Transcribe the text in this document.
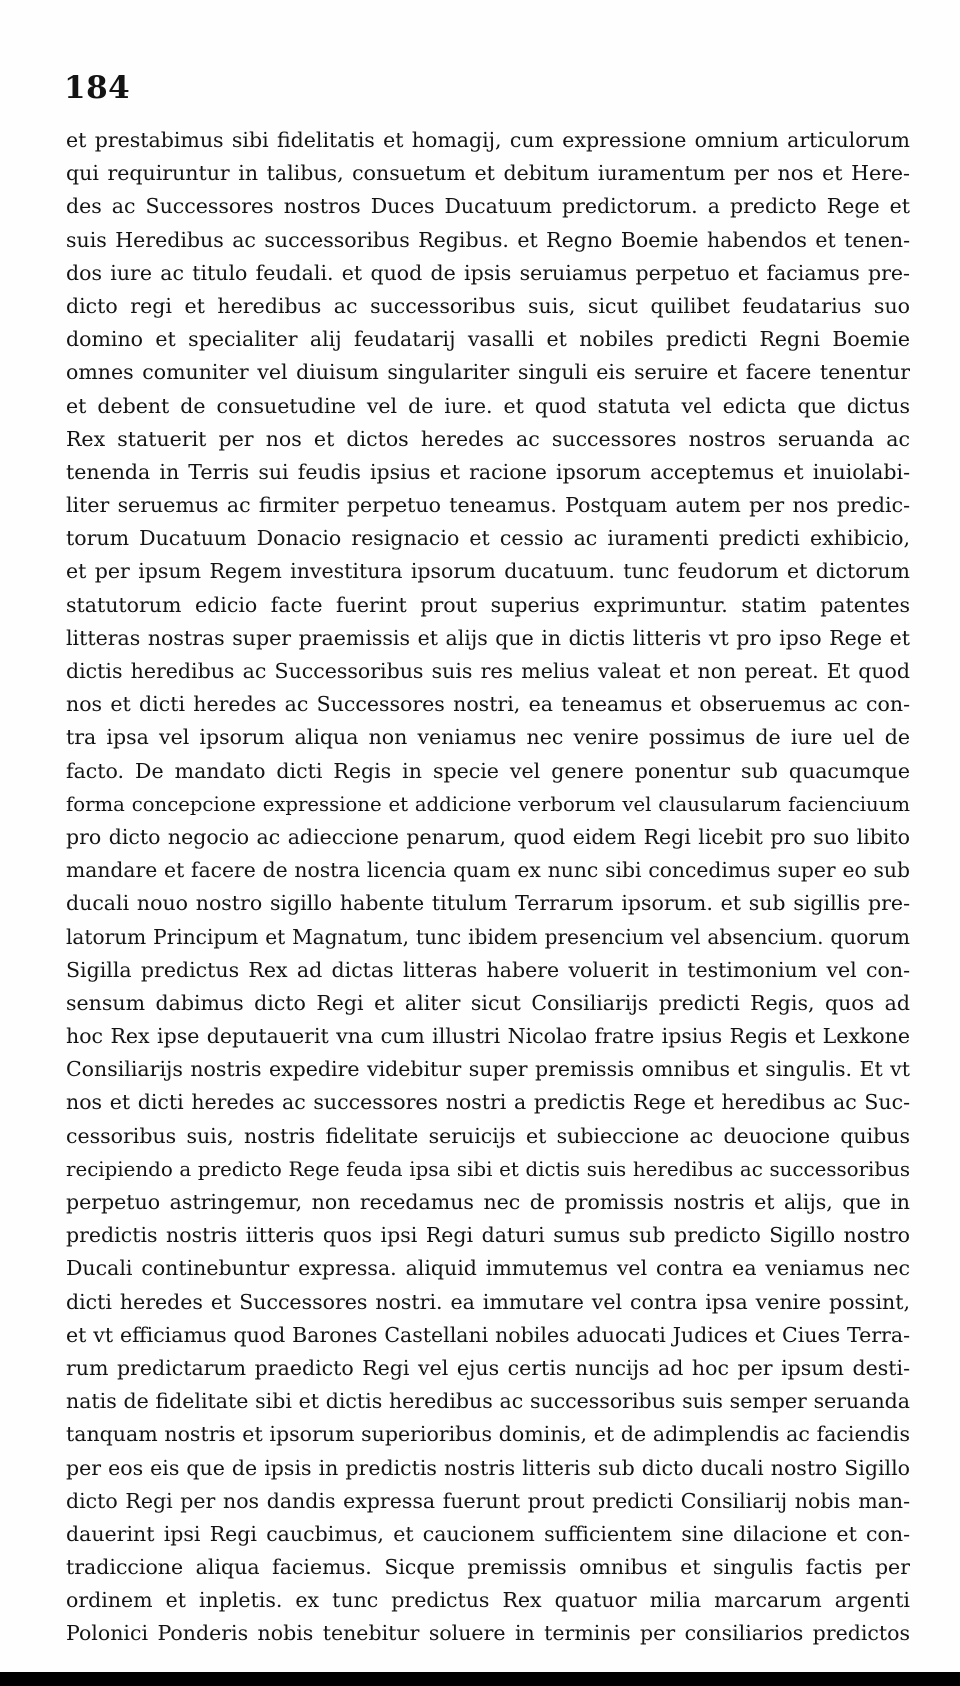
184
et prestabimus sibi fidelitatis et homagij, cum expressione omnium articulorum
qui requiruntur in talibus, consuetum et debitum iuramentum per nos et Here-
des ac Successores nostros Duces Ducatuum predictorum. a predicto Rege et
suis Heredibus ac successoribus Regibus. et Regno Boemie habendos et tenen-
dos iure ac titulo feudali. et quod de ipsis seruiamus perpetuo et faciamus pre-
dicto regi et heredibus ac successoribus suis, sicut quilibet feudatarius suo
domino et specialiter alij feudatarij vasalli et nobiles predicti Regni Boemie
omnes comuniter vel diuisum singulariter singuli eis seruire et facere tenentur
et debent de consuetudine vel de iure. et quod statuta vel edicta que dictus
Rex statuerit per nos et dictos heredes ac successores nostros seruanda ac
tenenda in Terris sui feudis ipsius et racione ipsorum acceptemus et inuiolabi-
liter seruemus ac firmiter perpetuo teneamus. Postquam autem per nos predic-
torum Ducatuum Donacio resignacio et cessio ac iuramenti predicti exhibicio,
et per ipsum Regem investitura ipsorum ducatuum. tunc feudorum et dictorum
statutorum edicio facte fuerint prout superius exprimuntur. statim patentes
litteras nostras super praemissis et alijs que in dictis litteris vt pro ipso Rege et
dictis heredibus ac Successoribus suis res melius valeat et non pereat. Et quod
nos et dicti heredes ac Successores nostri, ea teneamus et obseruemus ac con-
tra ipsa vel ipsorum aliqua non veniamus nec venire possimus de iure uel de
facto. De mandato dicti Regis in specie vel genere ponentur sub quacumque
forma concepcione expressione et addicione verborum vel clausularum facienciuum
pro dicto negocio ac adieccione penarum, quod eidem Regi licebit pro suo libito
mandare et facere de nostra licencia quam ex nunc sibi concedimus super eo sub
ducali nouo nostro sigillo habente titulum Terrarum ipsorum. et sub sigillis pre-
latorum Principum et Magnatum, tunc ibidem presencium vel absencium. quorum
Sigilla predictus Rex ad dictas litteras habere voluerit in testimonium vel con-
sensum dabimus dicto Regi et aliter sicut Consiliarijs predicti Regis, quos ad
hoc Rex ipse deputauerit vna cum illustri Nicolao fratre ipsius Regis et Lexkone
Consiliarijs nostris expedire videbitur super premissis omnibus et singulis. Et vt
nos et dicti heredes ac successores nostri a predictis Rege et heredibus ac Suc-
cessoribus suis, nostris fidelitate seruicijs et subieccione ac deuocione quibus
recipiendo a predicto Rege feuda ipsa sibi et dictis suis heredibus ac successoribus
perpetuo astringemur, non recedamus nec de promissis nostris et alijs, que in
predictis nostris iitteris quos ipsi Regi daturi sumus sub predicto Sigillo nostro
Ducali continebuntur expressa. aliquid immutemus vel contra ea veniamus nec
dicti heredes et Successores nostri. ea immutare vel contra ipsa venire possint,
et vt efficiamus quod Barones Castellani nobiles aduocati Judices et Ciues Terra-
rum predictarum praedicto Regi vel ejus certis nuncijs ad hoc per ipsum desti-
natis de fidelitate sibi et dictis heredibus ac successoribus suis semper seruanda
tanquam nostris et ipsorum superioribus dominis, et de adimplendis ac faciendis
per eos eis que de ipsis in predictis nostris litteris sub dicto ducali nostro Sigillo
dicto Regi per nos dandis expressa fuerunt prout predicti Consiliarij nobis man-
dauerint ipsi Regi caucbimus, et caucionem sufficientem sine dilacione et con-
tradiccione aliqua faciemus. Sicque premissis omnibus et singulis factis per
ordinem et inpletis. ex tunc predictus Rex quatuor milia marcarum argenti
Polonici Ponderis nobis tenebitur soluere in terminis per consiliarios predictos
